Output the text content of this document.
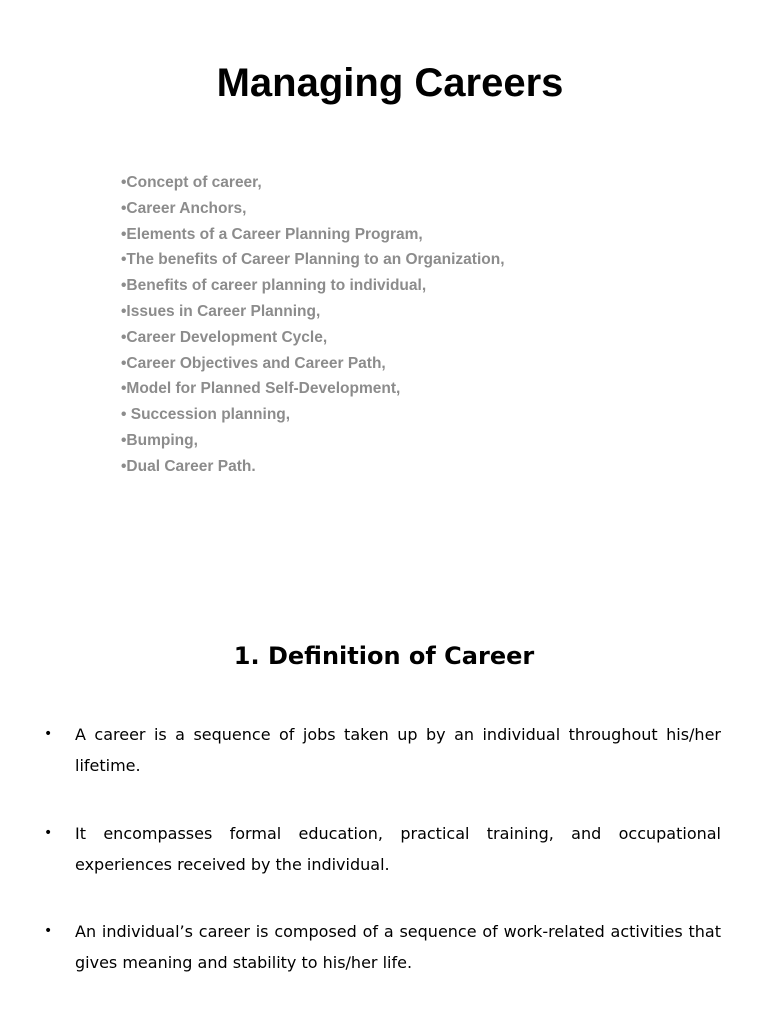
Managing Careers
•Concept of career,
•Career Anchors,
•Elements of a Career Planning Program,
•The benefits of Career Planning to an Organization,
•Benefits of career planning to individual,
•Issues in Career Planning,
•Career Development Cycle,
•Career Objectives and Career Path,
•Model for Planned Self-Development,
• Succession planning,
•Bumping,
•Dual Career Path.
1. Definition of Career
• A career is a sequence of jobs taken up by an individual throughout his/her lifetime.

• It encompasses formal education, practical training, and occupational experiences received by the individual.

• An individual’s career is composed of a sequence of work-related activities that gives meaning and stability to his/her life.
